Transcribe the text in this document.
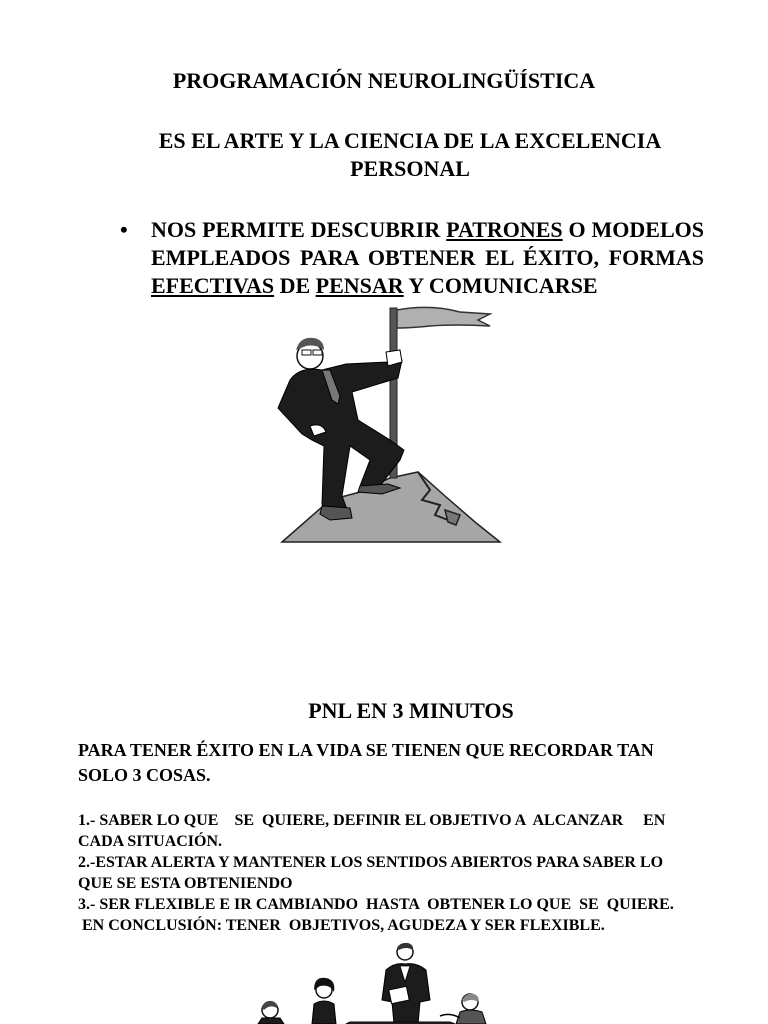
PROGRAMACIÓN NEUROLINGÜÍSTICA
ES EL ARTE Y LA CIENCIA DE LA EXCELENCIA
PERSONAL
• NOS PERMITE DESCUBRIR PATRONES O MODELOS EMPLEADOS PARA OBTENER EL ÉXITO, FORMAS EFECTIVAS DE PENSAR Y COMUNICARSE
PNL EN 3 MINUTOS
PARA TENER ÉXITO EN LA VIDA SE TIENEN QUE RECORDAR TAN
SOLO 3 COSAS.
1.- SABER LO QUE    SE  QUIERE, DEFINIR EL OBJETIVO A  ALCANZAR     EN
CADA SITUACIÓN.
2.-ESTAR ALERTA Y MANTENER LOS SENTIDOS ABIERTOS PARA SABER LO
QUE SE ESTA OBTENIENDO
3.- SER FLEXIBLE E IR CAMBIANDO  HASTA  OBTENER LO QUE  SE  QUIERE.
EN CONCLUSIÓN: TENER  OBJETIVOS, AGUDEZA Y SER FLEXIBLE.
